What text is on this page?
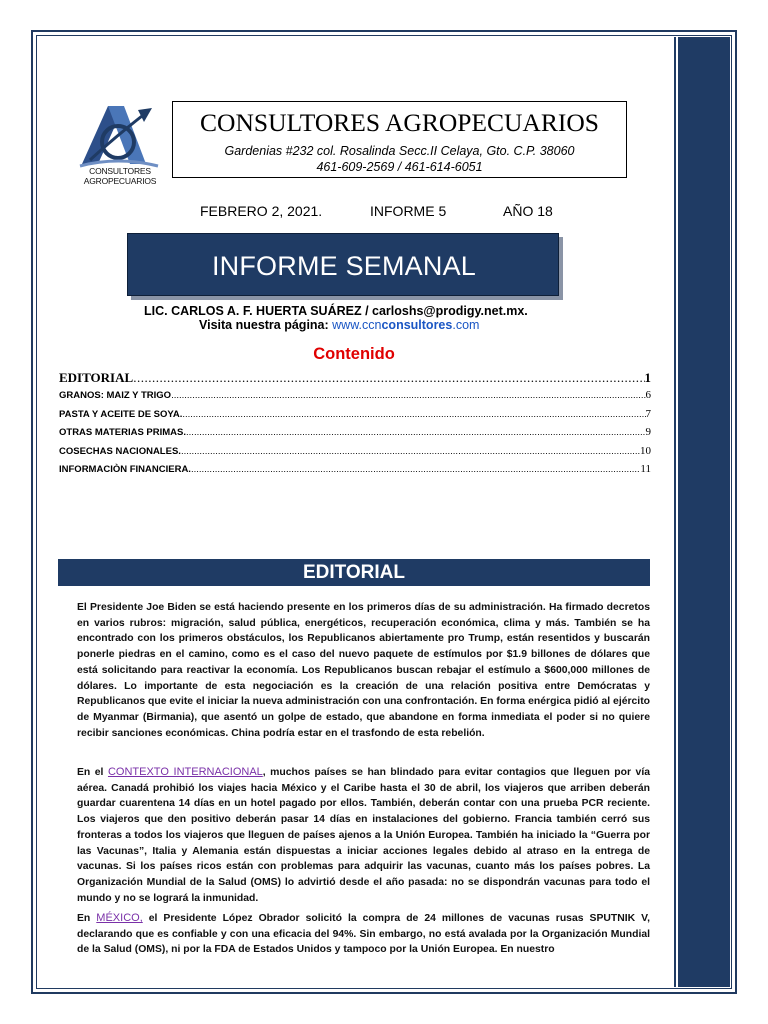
CONSULTORES
AGROPECUARIOS
CONSULTORES AGROPECUARIOS
Gardenias #232 col. Rosalinda Secc.II Celaya, Gto. C.P. 38060
461-609-2569 / 461-614-6051
FEBRERO 2, 2021.	INFORME 5	AÑO 18
INFORME SEMANAL
LIC. CARLOS A. F. HUERTA SUÁREZ / carloshs@prodigy.net.mx.
Visita nuestra página: www.ccnconsultores.com
Contenido
EDITORIAL .....	1
GRANOS: MAIZ Y TRIGO .....	6
PASTA Y ACEITE DE SOYA. .....	7
OTRAS MATERIAS PRIMAS. .....	9
COSECHAS NACIONALES. .....	10
INFORMACIÒN FINANCIERA. .....	11
EDITORIAL
El Presidente Joe Biden se está haciendo presente en los primeros días de su administración. Ha firmado decretos en varios rubros: migración, salud pública, energéticos, recuperación económica, clima y más. También se ha encontrado con los primeros obstáculos, los Republicanos abiertamente pro Trump, están resentidos y buscarán ponerle piedras en el camino, como es el caso del nuevo paquete de estímulos por $1.9 billones de dólares que está solicitando para reactivar la economía. Los Republicanos buscan rebajar el estímulo a $600,000 millones de dólares. Lo importante de esta negociación es la creación de una relación positiva entre Demócratas y Republicanos que evite el iniciar la nueva administración con una confrontación. En forma enérgica pidió al ejército de Myanmar (Birmania), que asentó un golpe de estado, que abandone en forma inmediata el poder si no quiere recibir sanciones económicas. China podría estar en el trasfondo de esta rebelión.
En el CONTEXTO INTERNACIONAL, muchos países se han blindado para evitar contagios que lleguen por vía aérea. Canadá prohibió los viajes hacia México y el Caribe hasta el 30 de abril, los viajeros que arriben deberán guardar cuarentena 14 días en un hotel pagado por ellos. También, deberán contar con una prueba PCR reciente. Los viajeros que den positivo deberán pasar 14 días en instalaciones del gobierno. Francia también cerró sus fronteras a todos los viajeros que lleguen de países ajenos a la Unión Europea. También ha iniciado la “Guerra por las Vacunas”, Italia y Alemania están dispuestas a iniciar acciones legales debido al atraso en la entrega de vacunas. Si los países ricos están con problemas para adquirir las vacunas, cuanto más los países pobres. La Organización Mundial de la Salud (OMS) lo advirtió desde el año pasada: no se dispondrán vacunas para todo el mundo y no se logrará la inmunidad.
En MÉXICO, el Presidente López Obrador solicitó la compra de 24 millones de vacunas rusas SPUTNIK V, declarando que es confiable y con una eficacia del 94%. Sin embargo, no está avalada por la Organización Mundial de la Salud (OMS), ni por la FDA de Estados Unidos y tampoco por la Unión Europea. En nuestro
